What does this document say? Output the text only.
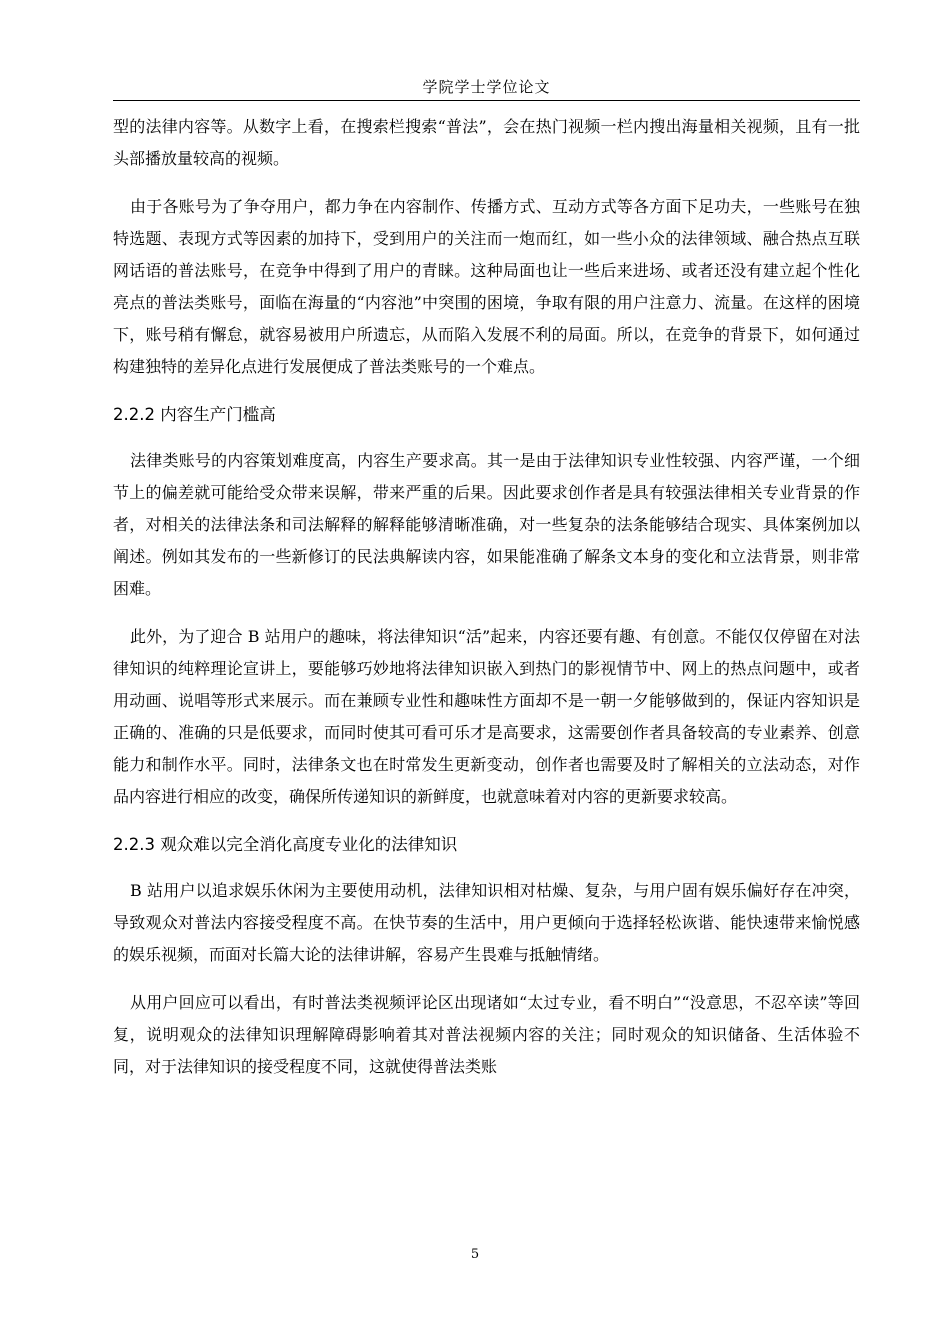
学院学士学位论文

型的法律内容等。从数字上看，在搜索栏搜索“普法”，会在热门视频一栏内搜出海量相关视频，且有一批头部播放量较高的视频。

由于各账号为了争夺用户，都力争在内容制作、传播方式、互动方式等各方面下足功夫，一些账号在独特选题、表现方式等因素的加持下，受到用户的关注而一炮而红，如一些小众的法律领域、融合热点互联网话语的普法账号，在竞争中得到了用户的青睐。这种局面也让一些后来进场、或者还没有建立起个性化亮点的普法类账号，面临在海量的“内容池”中突围的困境，争取有限的用户注意力、流量。在这样的困境下，账号稍有懈怠，就容易被用户所遗忘，从而陷入发展不利的局面。所以，在竞争的背景下，如何通过构建独特的差异化点进行发展便成了普法类账号的一个难点。

2.2.2 内容生产门槛高

法律类账号的内容策划难度高，内容生产要求高。其一是由于法律知识专业性较强、内容严谨，一个细节上的偏差就可能给受众带来误解，带来严重的后果。因此要求创作者是具有较强法律相关专业背景的作者，对相关的法律法条和司法解释的解释能够清晰准确，对一些复杂的法条能够结合现实、具体案例加以阐述。例如其发布的一些新修订的民法典解读内容，如果能准确了解条文本身的变化和立法背景，则非常困难。

此外，为了迎合 B 站用户的趣味，将法律知识“活”起来，内容还要有趣、有创意。不能仅仅停留在对法律知识的纯粹理论宣讲上，要能够巧妙地将法律知识嵌入到热门的影视情节中、网上的热点问题中，或者用动画、说唱等形式来展示。而在兼顾专业性和趣味性方面却不是一朝一夕能够做到的，保证内容知识是正确的、准确的只是低要求，而同时使其可看可乐才是高要求，这需要创作者具备较高的专业素养、创意能力和制作水平。同时，法律条文也在时常发生更新变动，创作者也需要及时了解相关的立法动态，对作品内容进行相应的改变，确保所传递知识的新鲜度，也就意味着对内容的更新要求较高。

2.2.3 观众难以完全消化高度专业化的法律知识

B 站用户以追求娱乐休闲为主要使用动机，法律知识相对枯燥、复杂，与用户固有娱乐偏好存在冲突，导致观众对普法内容接受程度不高。在快节奏的生活中，用户更倾向于选择轻松诙谐、能快速带来愉悦感的娱乐视频，而面对长篇大论的法律讲解，容易产生畏难与抵触情绪。

从用户回应可以看出，有时普法类视频评论区出现诸如“太过专业，看不明白”“没意思，不忍卒读”等回复，说明观众的法律知识理解障碍影响着其对普法视频内容的关注；同时观众的知识储备、生活体验不同，对于法律知识的接受程度不同，这就使得普法类账

5
